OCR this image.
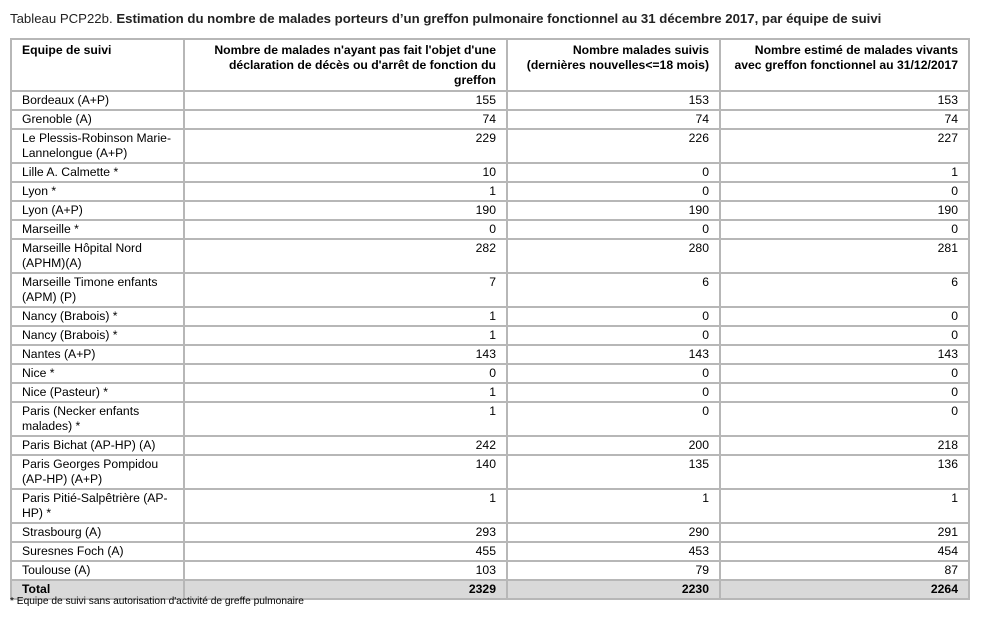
Tableau PCP22b. Estimation du nombre de malades porteurs d’un greffon pulmonaire fonctionnel au 31 décembre 2017, par équipe de suivi
Equipe de suivi	Nombre de malades n'ayant pas fait l'objet d'une déclaration de décès ou d'arrêt de fonction du greffon	Nombre malades suivis (dernières nouvelles<=18 mois)	Nombre estimé de malades vivants avec greffon fonctionnel au 31/12/2017
Bordeaux (A+P)	155	153	153
Grenoble (A)	74	74	74
Le Plessis-Robinson Marie-Lannelongue (A+P)	229	226	227
Lille A. Calmette *	10	0	1
Lyon *	1	0	0
Lyon (A+P)	190	190	190
Marseille *	0	0	0
Marseille Hôpital Nord (APHM)(A)	282	280	281
Marseille Timone enfants (APM) (P)	7	6	6
Nancy (Brabois) *	1	0	0
Nancy (Brabois) *	1	0	0
Nantes (A+P)	143	143	143
Nice *	0	0	0
Nice (Pasteur) *	1	0	0
Paris (Necker enfants malades) *	1	0	0
Paris Bichat (AP-HP) (A)	242	200	218
Paris Georges Pompidou (AP-HP) (A+P)	140	135	136
Paris Pitié-Salpêtrière (AP-HP) *	1	1	1
Strasbourg (A)	293	290	291
Suresnes Foch (A)	455	453	454
Toulouse (A)	103	79	87
Total	2329	2230	2264
* Equipe de suivi sans autorisation d'activité de greffe pulmonaire
